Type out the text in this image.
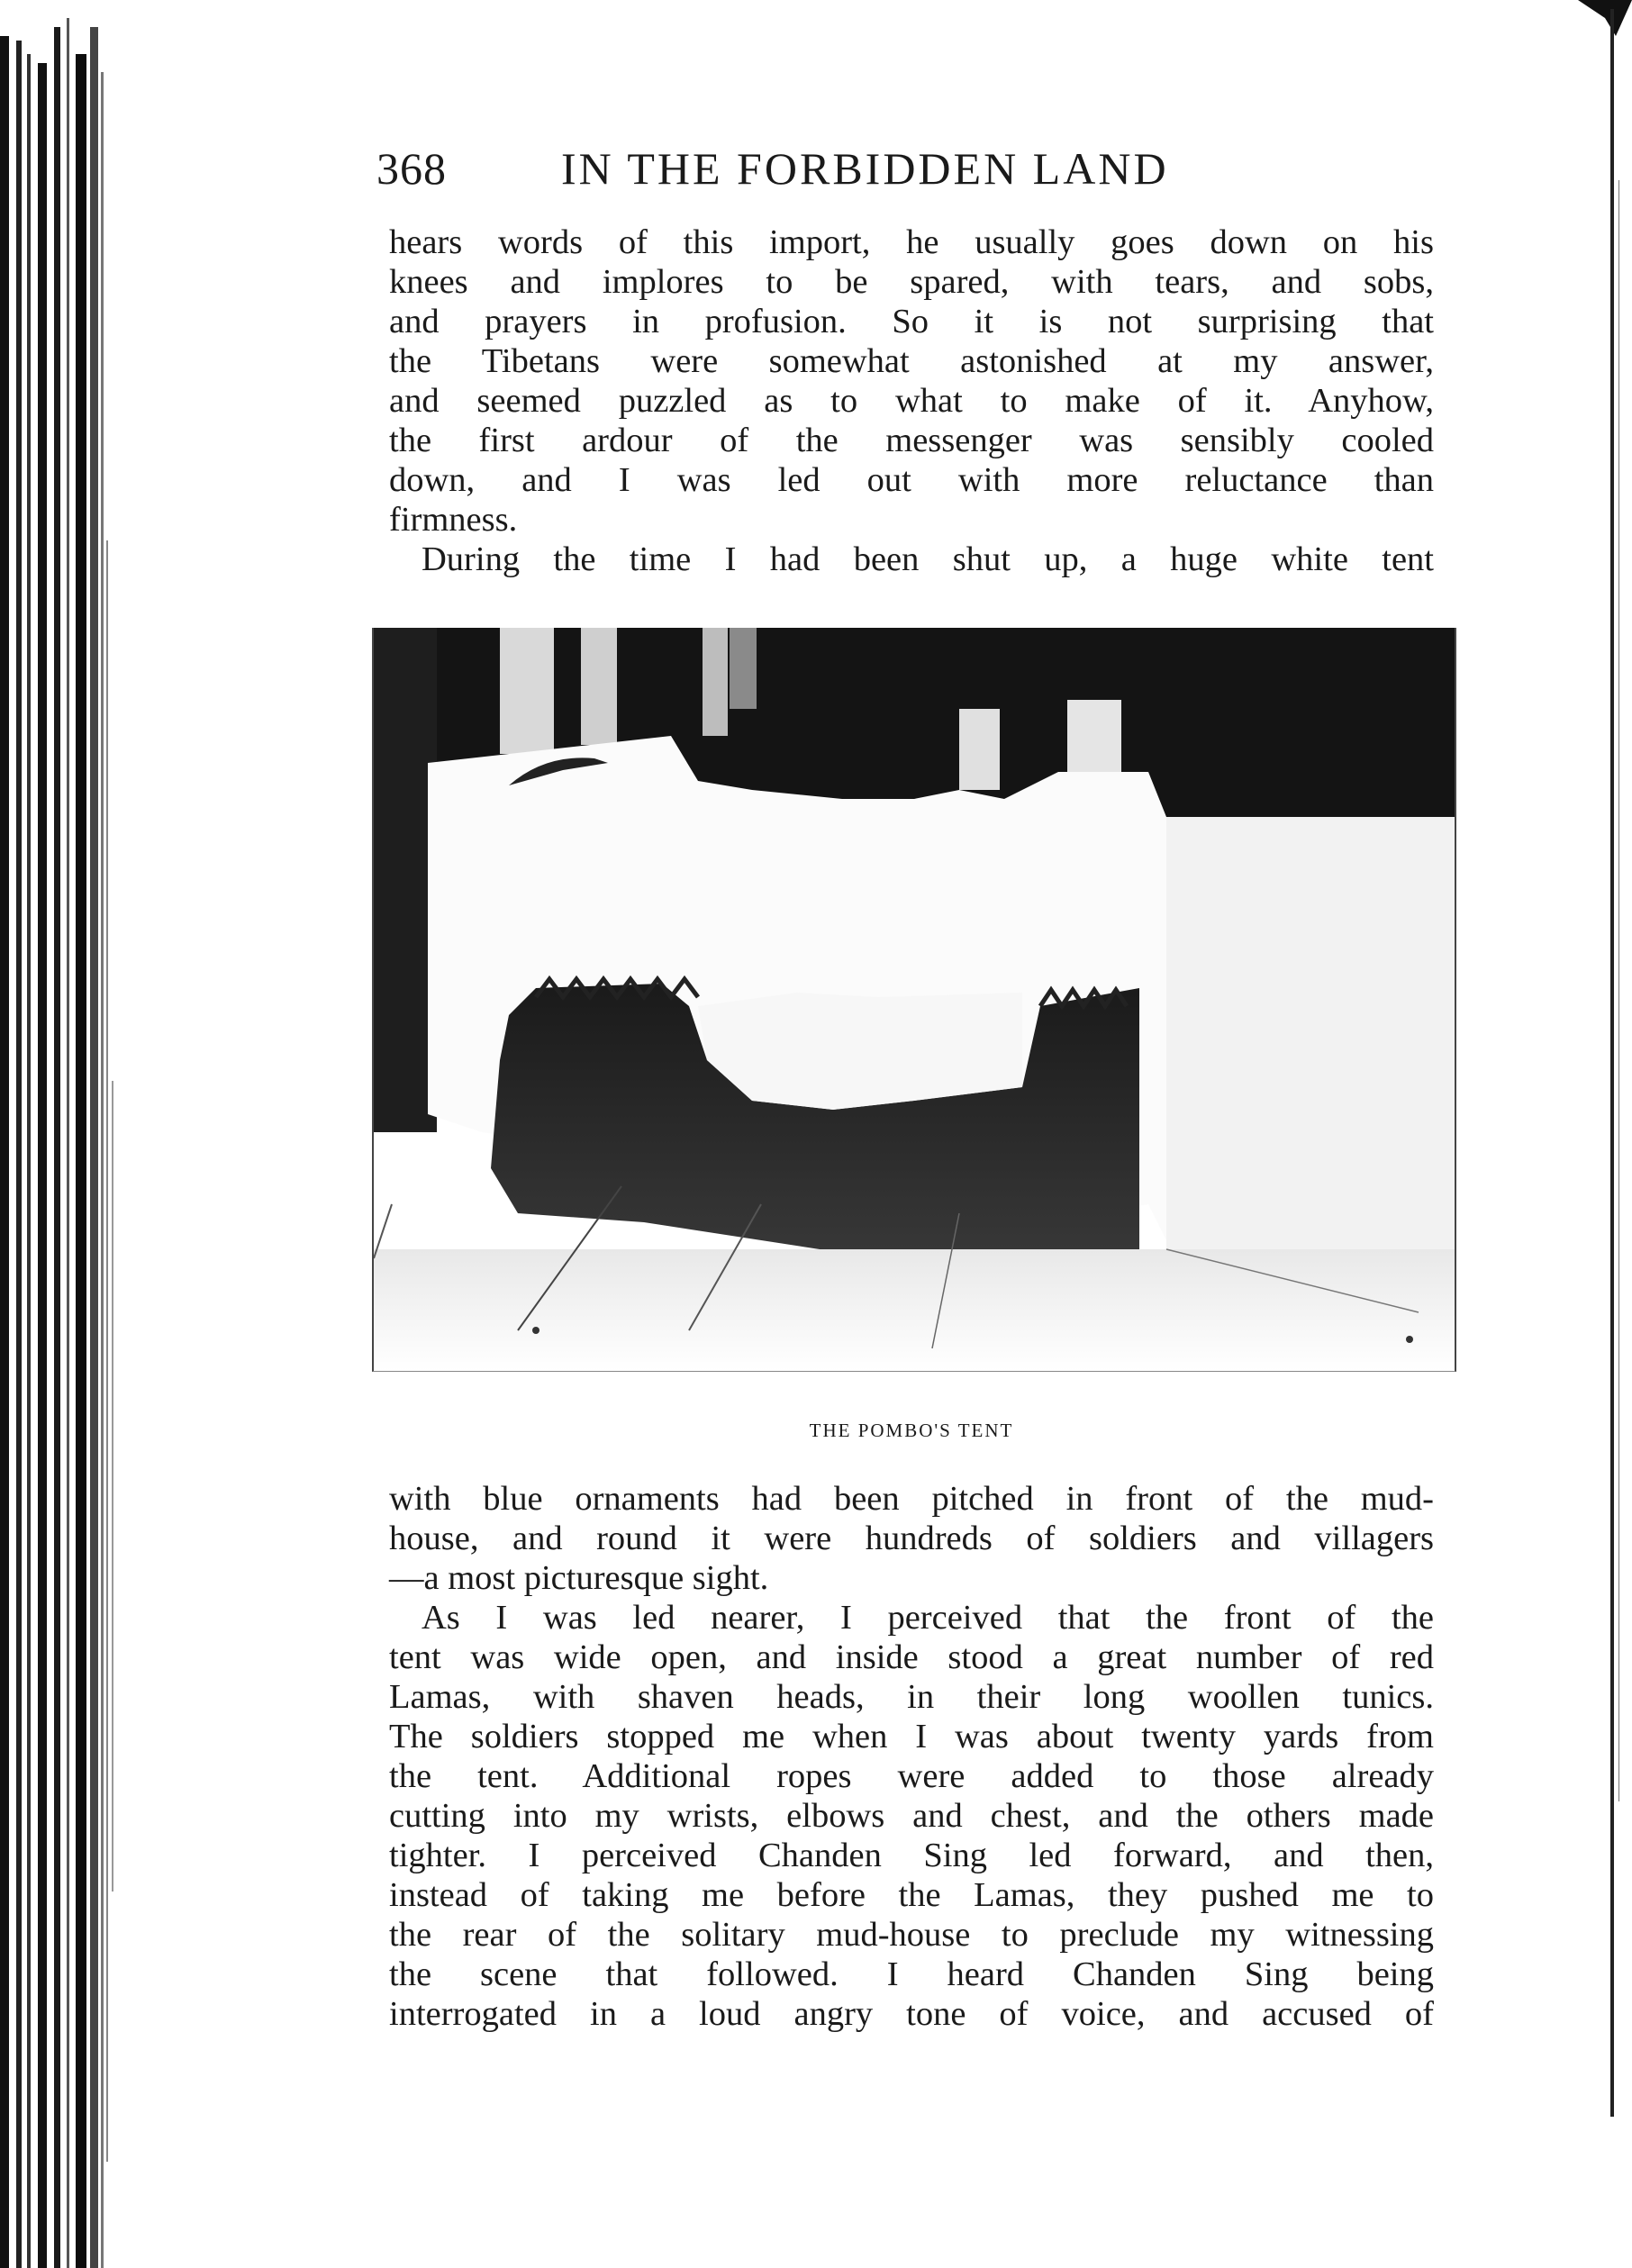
368	IN THE FORBIDDEN LAND
hears words of this import, he usually goes down on his
knees and implores to be spared, with tears, and sobs,
and prayers in profusion. So it is not surprising that
the Tibetans were somewhat astonished at my answer,
and seemed puzzled as to what to make of it. Anyhow,
the first ardour of the messenger was sensibly cooled
down, and I was led out with more reluctance than
firmness.
During the time I had been shut up, a huge white tent
THE POMBO'S TENT
with blue ornaments had been pitched in front of the mud-
house, and round it were hundreds of soldiers and villagers
—a most picturesque sight.
As I was led nearer, I perceived that the front of the
tent was wide open, and inside stood a great number of red
Lamas, with shaven heads, in their long woollen tunics.
The soldiers stopped me when I was about twenty yards from
the tent. Additional ropes were added to those already
cutting into my wrists, elbows and chest, and the others made
tighter. I perceived Chanden Sing led forward, and then,
instead of taking me before the Lamas, they pushed me to
the rear of the solitary mud-house to preclude my witnessing
the scene that followed. I heard Chanden Sing being
interrogated in a loud angry tone of voice, and accused of
